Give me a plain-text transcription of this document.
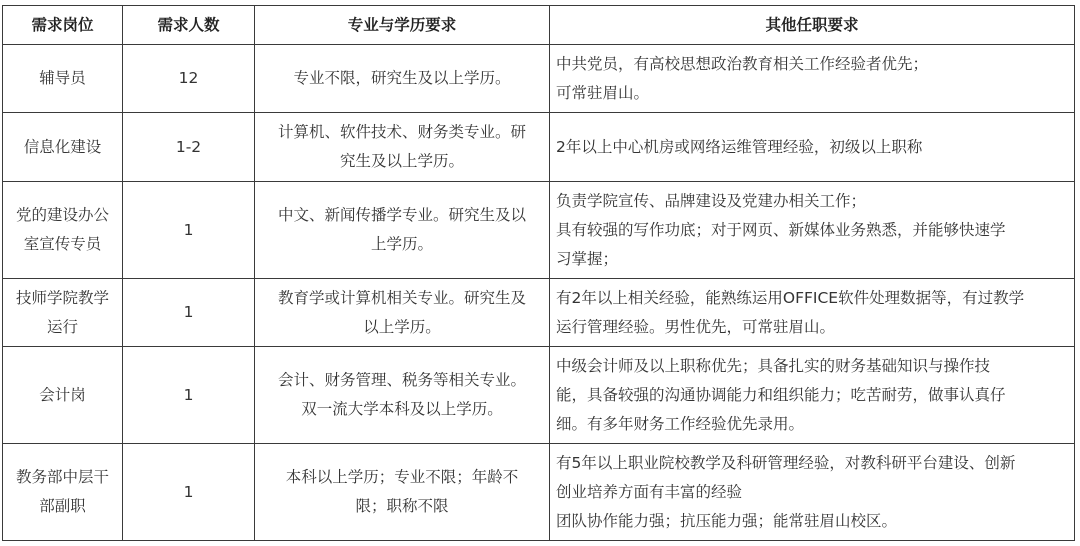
需求岗位	需求人数	专业与学历要求	其他任职要求

辅导员	12	专业不限，研究生及以上学历。	中共党员，有高校思想政治教育相关工作经验者优先；
可常驻眉山。

信息化建设	1-2	计算机、软件技术、财务类专业。研
究生及以上学历。	2年以上中心机房或网络运维管理经验，初级以上职称

党的建设办公
室宣传专员	1	中文、新闻传播学专业。研究生及以
上学历。	负责学院宣传、品牌建设及党建办相关工作；
具有较强的写作功底；对于网页、新媒体业务熟悉，并能够快速学
习掌握；

技师学院教学
运行	1	教育学或计算机相关专业。研究生及
以上学历。	有2年以上相关经验，能熟练运用OFFICE软件处理数据等，有过教学
运行管理经验。男性优先，可常驻眉山。

会计岗	1	会计、财务管理、税务等相关专业。
双一流大学本科及以上学历。	中级会计师及以上职称优先；具备扎实的财务基础知识与操作技
能，具备较强的沟通协调能力和组织能力；吃苦耐劳，做事认真仔
细。有多年财务工作经验优先录用。

教务部中层干
部副职	1	本科以上学历；专业不限；年龄不
限；职称不限	有5年以上职业院校教学及科研管理经验，对教科研平台建设、创新
创业培养方面有丰富的经验
团队协作能力强；抗压能力强；能常驻眉山校区。
